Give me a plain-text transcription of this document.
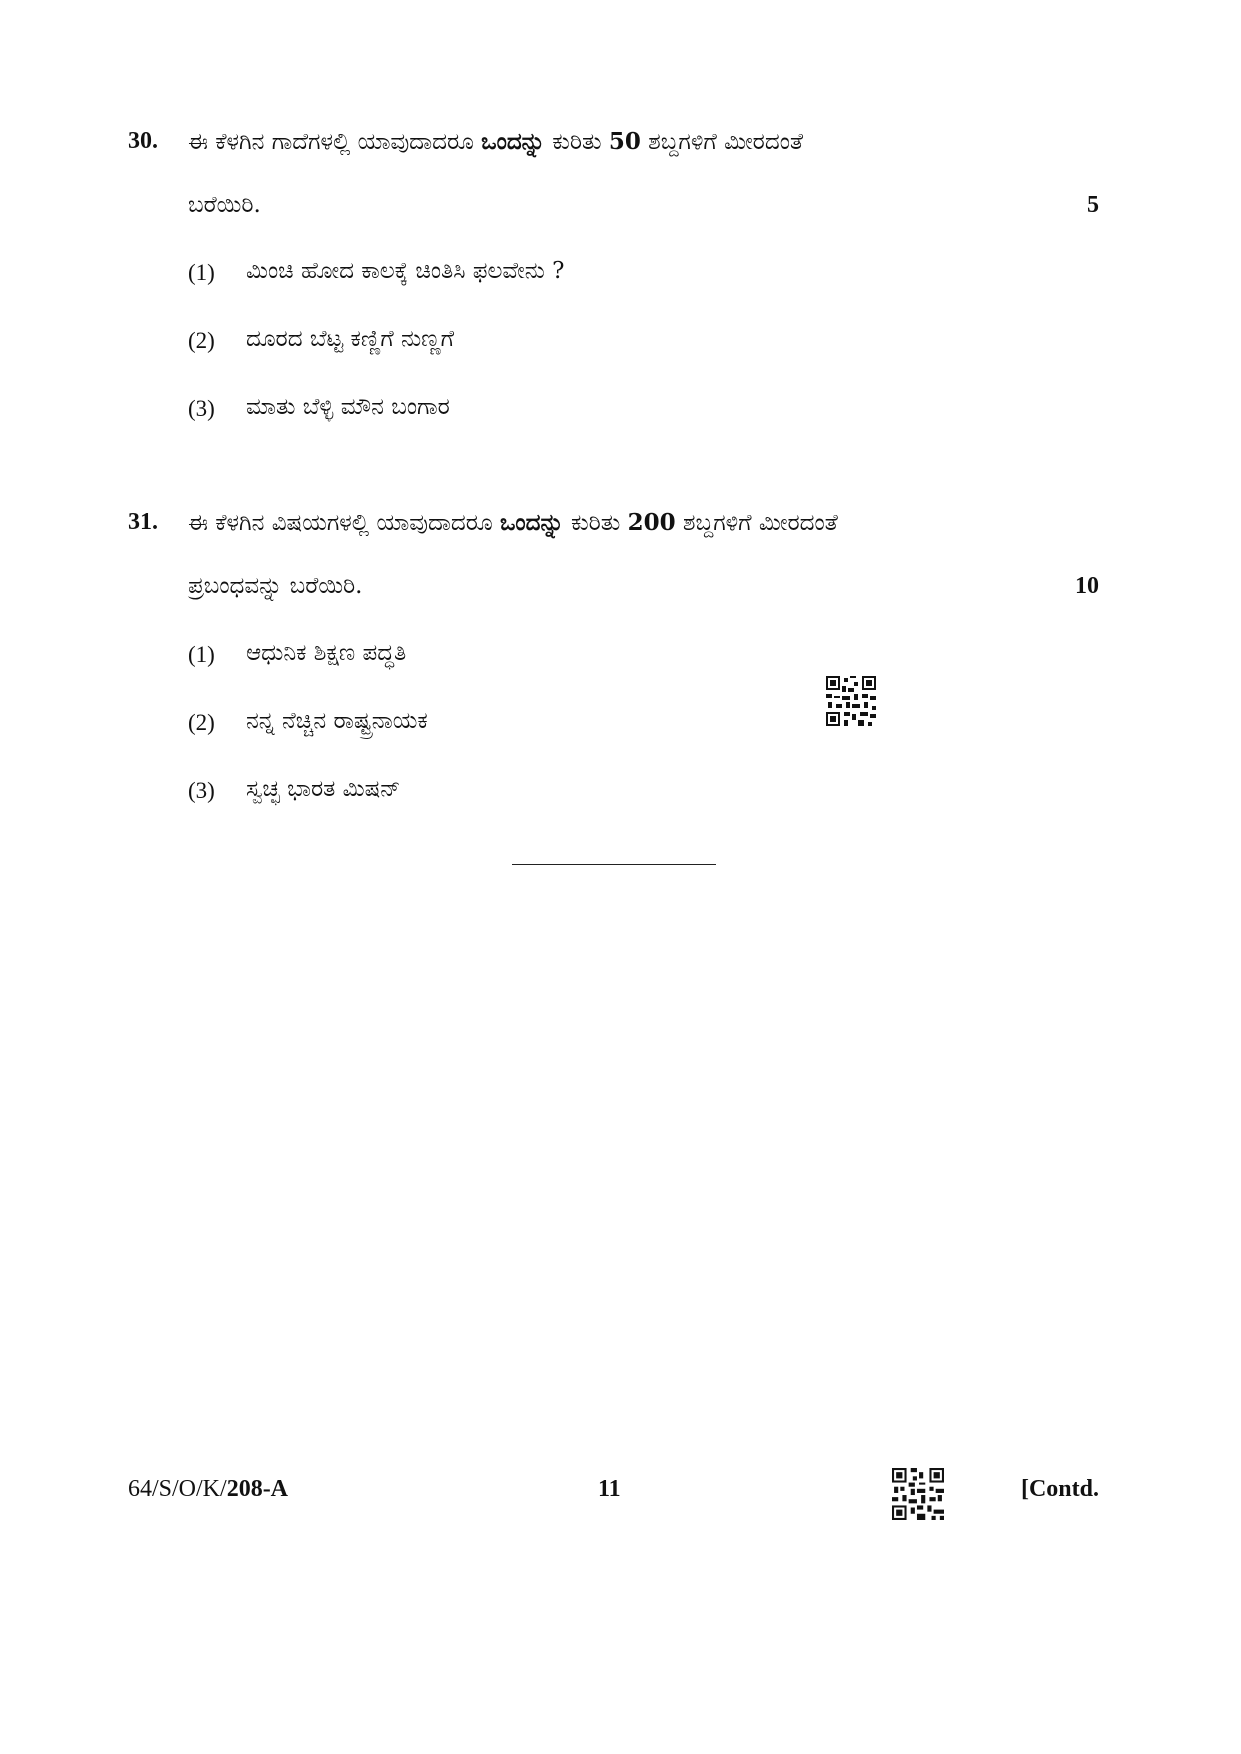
30. ಈ ಕೆಳಗಿನ ಗಾದೆಗಳಲ್ಲಿ ಯಾವುದಾದರೂ ಒಂದನ್ನು ಕುರಿತು 50 ಶಬ್ದಗಳಿಗೆ ಮೀರದಂತೆ
ಬರೆಯಿರಿ.	5
(1) ಮಿಂಚಿ ಹೋದ ಕಾಲಕ್ಕೆ ಚಿಂತಿಸಿ ಫಲವೇನು ?
(2) ದೂರದ ಬೆಟ್ಟ ಕಣ್ಣಿಗೆ ನುಣ್ಣಗೆ
(3) ಮಾತು ಬೆಳ್ಳಿ ಮೌನ ಬಂಗಾರ
31. ಈ ಕೆಳಗಿನ ವಿಷಯಗಳಲ್ಲಿ ಯಾವುದಾದರೂ ಒಂದನ್ನು ಕುರಿತು 200 ಶಬ್ದಗಳಿಗೆ ಮೀರದಂತೆ
ಪ್ರಬಂಧವನ್ನು ಬರೆಯಿರಿ.	10
(1) ಆಧುನಿಕ ಶಿಕ್ಷಣ ಪದ್ಧತಿ
(2) ನನ್ನ ನೆಚ್ಚಿನ ರಾಷ್ಟ್ರನಾಯಕ
(3) ಸ್ವಚ್ಛ ಭಾರತ ಮಿಷನ್
64/S/O/K/208-A	11	[Contd.
